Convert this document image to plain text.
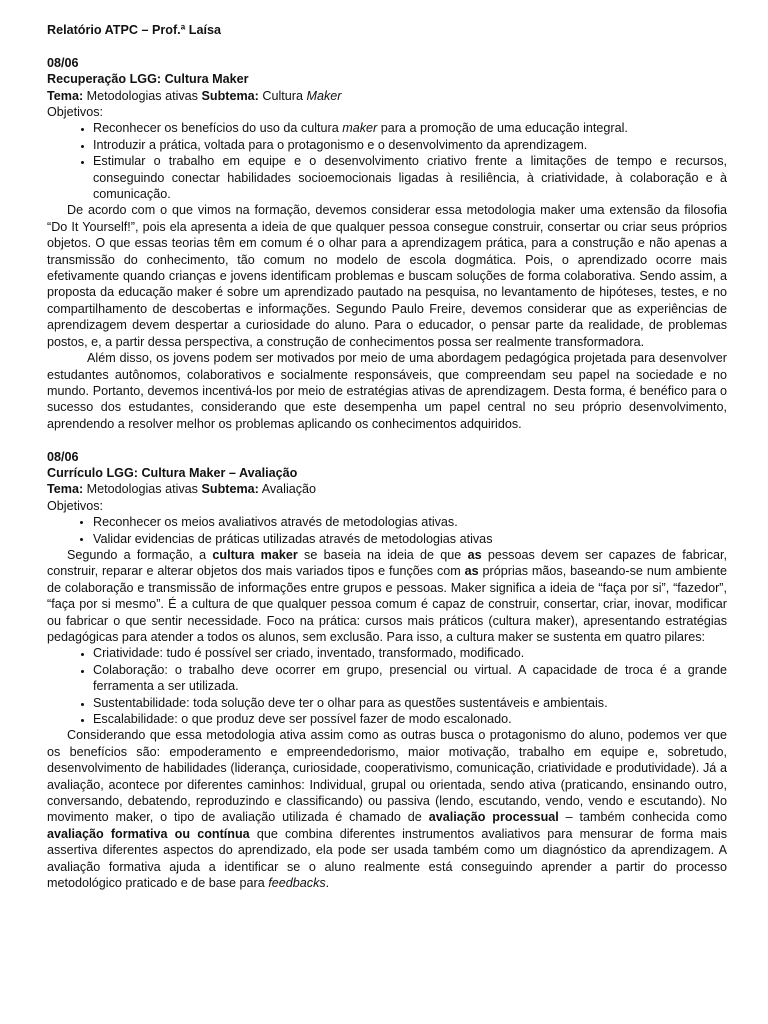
Relatório ATPC – Prof.ª Laísa

08/06

Recuperação LGG: Cultura Maker

Tema: Metodologias ativas Subtema: Cultura Maker

Objetivos:

• Reconhecer os benefícios do uso da cultura maker para a promoção de uma educação integral.
• Introduzir a prática, voltada para o protagonismo e o desenvolvimento da aprendizagem.
• Estimular o trabalho em equipe e o desenvolvimento criativo frente a limitações de tempo e recursos, conseguindo conectar habilidades socioemocionais ligadas à resiliência, à criatividade, à colaboração e à comunicação.

De acordo com o que vimos na formação, devemos considerar essa metodologia maker uma extensão da filosofia “Do It Yourself!”, pois ela apresenta a ideia de que qualquer pessoa consegue construir, consertar ou criar seus próprios objetos. O que essas teorias têm em comum é o olhar para a aprendizagem prática, para a construção e não apenas a transmissão do conhecimento, tão comum no modelo de escola dogmática. Pois, o aprendizado ocorre mais efetivamente quando crianças e jovens identificam problemas e buscam soluções de forma colaborativa. Sendo assim, a proposta da educação maker é sobre um aprendizado pautado na pesquisa, no levantamento de hipóteses, testes, e no compartilhamento de descobertas e informações. Segundo Paulo Freire, devemos considerar que as experiências de aprendizagem devem despertar a curiosidade do aluno. Para o educador, o pensar parte da realidade, de problemas postos, e, a partir dessa perspectiva, a construção de conhecimentos possa ser realmente transformadora.

Além disso, os jovens podem ser motivados por meio de uma abordagem pedagógica projetada para desenvolver estudantes autônomos, colaborativos e socialmente responsáveis, que compreendam seu papel na sociedade e no mundo. Portanto, devemos incentivá-los por meio de estratégias ativas de aprendizagem. Desta forma, é benéfico para o sucesso dos estudantes, considerando que este desempenha um papel central no seu próprio desenvolvimento, aprendendo a resolver melhor os problemas aplicando os conhecimentos adquiridos.

08/06

Currículo LGG: Cultura Maker – Avaliação

Tema: Metodologias ativas Subtema: Avaliação

Objetivos:

• Reconhecer os meios avaliativos através de metodologias ativas.
• Validar evidencias de práticas utilizadas através de metodologias ativas

Segundo a formação, a cultura maker se baseia na ideia de que as pessoas devem ser capazes de fabricar, construir, reparar e alterar objetos dos mais variados tipos e funções com as próprias mãos, baseando-se num ambiente de colaboração e transmissão de informações entre grupos e pessoas. Maker significa a ideia de “faça por si”, “fazedor”, “faça por si mesmo”. É a cultura de que qualquer pessoa comum é capaz de construir, consertar, criar, inovar, modificar ou fabricar o que sentir necessidade. Foco na prática: cursos mais práticos (cultura maker), apresentando estratégias pedagógicas para atender a todos os alunos, sem exclusão. Para isso, a cultura maker se sustenta em quatro pilares:

• Criatividade: tudo é possível ser criado, inventado, transformado, modificado.
• Colaboração: o trabalho deve ocorrer em grupo, presencial ou virtual. A capacidade de troca é a grande ferramenta a ser utilizada.
• Sustentabilidade: toda solução deve ter o olhar para as questões sustentáveis e ambientais.
• Escalabilidade: o que produz deve ser possível fazer de modo escalonado.

Considerando que essa metodologia ativa assim como as outras busca o protagonismo do aluno, podemos ver que os benefícios são: empoderamento e empreendedorismo, maior motivação, trabalho em equipe e, sobretudo, desenvolvimento de habilidades (liderança, curiosidade, cooperativismo, comunicação, criatividade e produtividade). Já a avaliação, acontece por diferentes caminhos: Individual, grupal ou orientada, sendo ativa (praticando, ensinando outro, conversando, debatendo, reproduzindo e classificando) ou passiva (lendo, escutando, vendo, vendo e escutando). No movimento maker, o tipo de avaliação utilizada é chamado de avaliação processual – também conhecida como avaliação formativa ou contínua que combina diferentes instrumentos avaliativos para mensurar de forma mais assertiva diferentes aspectos do aprendizado, ela pode ser usada também como um diagnóstico da aprendizagem. A avaliação formativa ajuda a identificar se o aluno realmente está conseguindo aprender a partir do processo metodológico praticado e de base para feedbacks.
